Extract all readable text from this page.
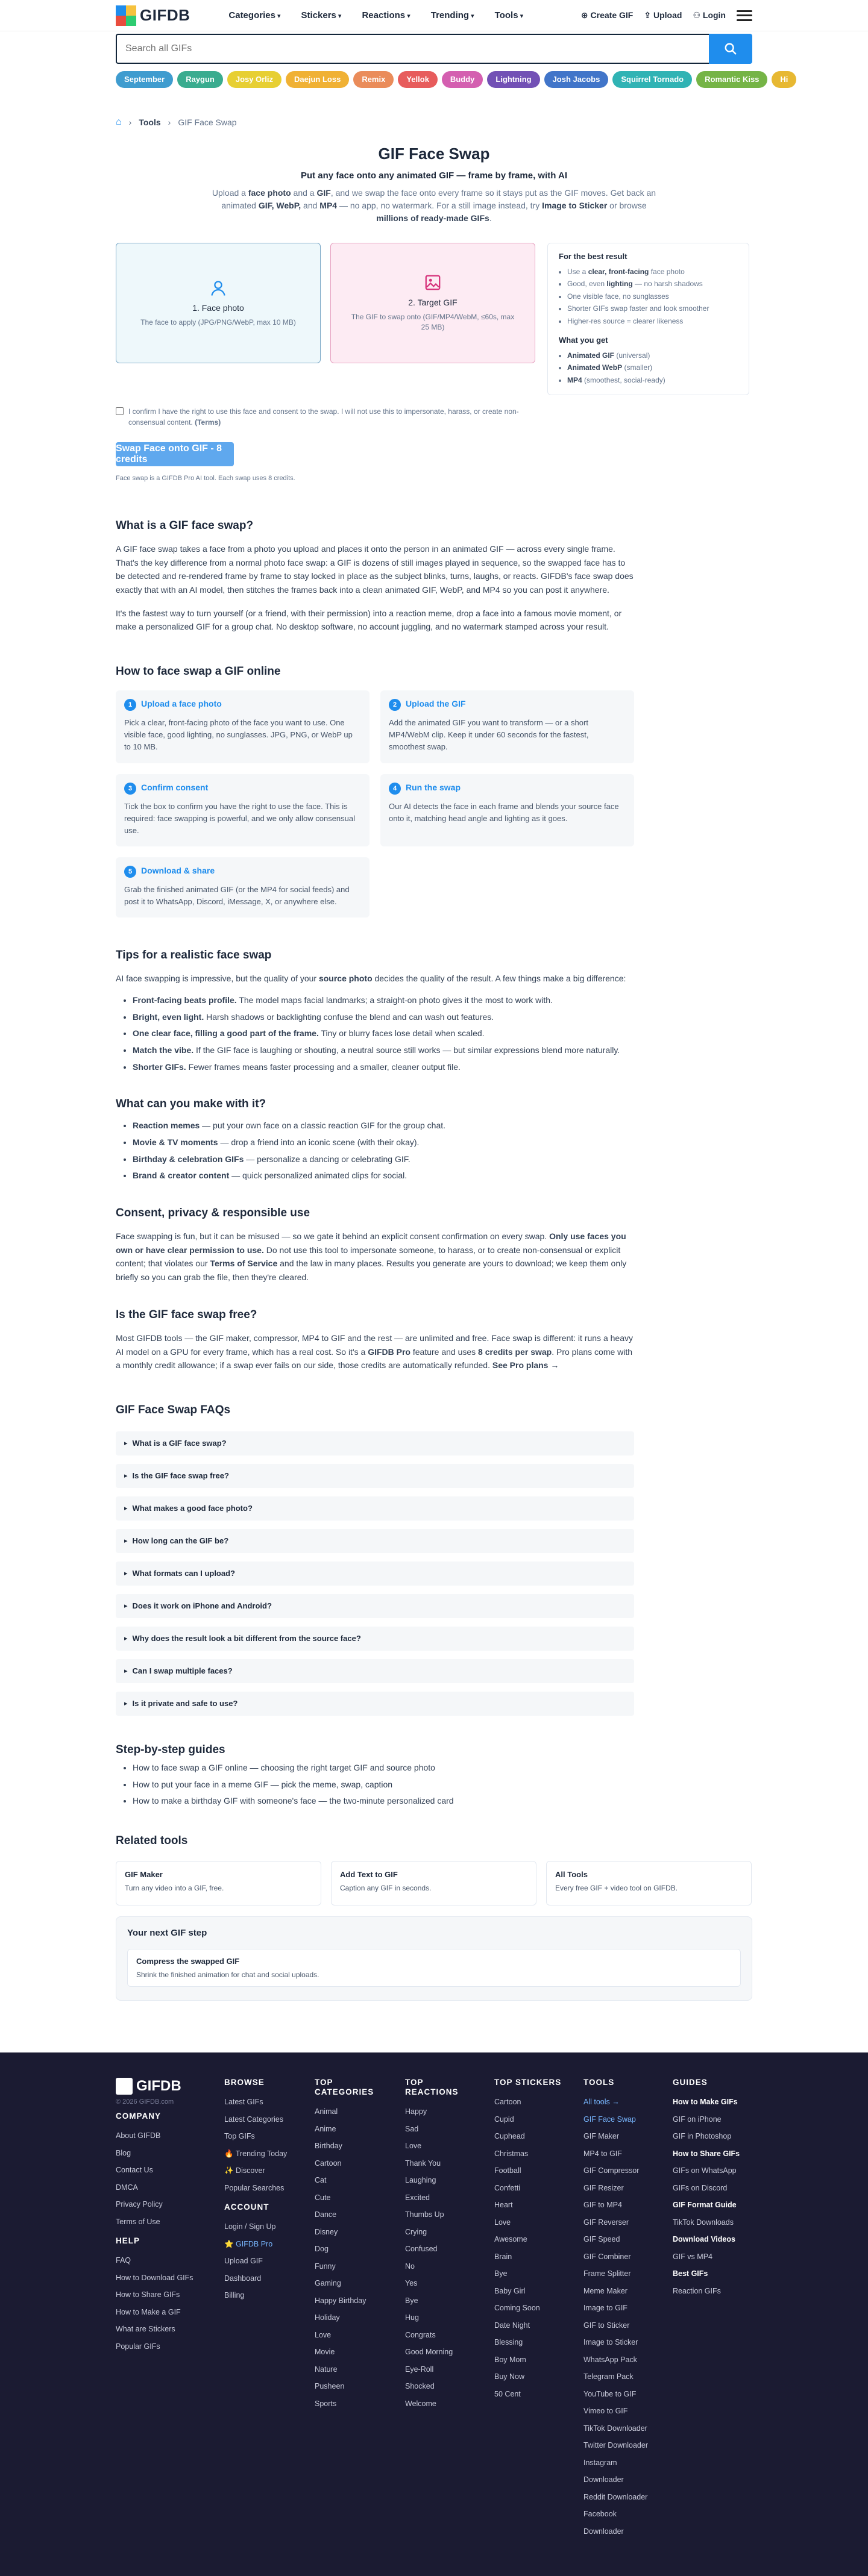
GIFDB	Categories ▾	Stickers ▾	Reactions ▾	Trending ▾	Tools ▾	⊕ Create GIF ⇪ Upload ⚇ Login
Search all GIFs
September	Raygun	Josy Orliz	Daejun Loss	Remix	Yellok	Buddy	Lightning	Josh Jacobs	Squirrel Tornado	Romantic Kiss	Hi
⌂ › Tools › GIF Face Swap
GIF Face Swap
Put any face onto any animated GIF — frame by frame, with AI

Upload a face photo and a GIF, and we swap the face onto every frame so it stays put as the GIF moves. Get back an animated GIF, WebP, and MP4 — no app, no watermark. For a still image instead, try Image to Sticker or browse millions of ready-made GIFs.

1. Face photo
The face to apply (JPG/PNG/WebP, max 10 MB)
2. Target GIF
The GIF to swap onto (GIF/MP4/WebM, ≤60s, max 25 MB)
For the best result
• Use a clear, front-facing face photo
• Good, even lighting — no harsh shadows
• One visible face, no sunglasses
• Shorter GIFs swap faster and look smoother
• Higher-res source = clearer likeness
What you get
• Animated GIF (universal)
• Animated WebP (smaller)
• MP4 (smoothest, social-ready)
I confirm I have the right to use this face and consent to the swap. I will not use this to impersonate, harass, or create non-consensual content. (Terms)
Swap Face onto GIF - 8 credits
Face swap is a GIFDB Pro AI tool. Each swap uses 8 credits.
What is a GIF face swap?

A GIF face swap takes a face from a photo you upload and places it onto the person in an animated GIF — across every single frame. That's the key difference from a normal photo face swap: a GIF is dozens of still images played in sequence, so the swapped face has to be detected and re-rendered frame by frame to stay locked in place as the subject blinks, turns, laughs, or reacts. GIFDB's face swap does exactly that with an AI model, then stitches the frames back into a clean animated GIF, WebP, and MP4 so you can post it anywhere.

It's the fastest way to turn yourself (or a friend, with their permission) into a reaction meme, drop a face into a famous movie moment, or make a personalized GIF for a group chat. No desktop software, no account juggling, and no watermark stamped across your result.

How to face swap a GIF online
1 Upload a face photo
Pick a clear, front-facing photo of the face you want to use. One visible face, good lighting, no sunglasses. JPG, PNG, or WebP up to 10 MB.
2 Upload the GIF
Add the animated GIF you want to transform — or a short MP4/WebM clip. Keep it under 60 seconds for the fastest, smoothest swap.
3 Confirm consent
Tick the box to confirm you have the right to use the face. This is required: face swapping is powerful, and we only allow consensual use.
4 Run the swap
Our AI detects the face in each frame and blends your source face onto it, matching head angle and lighting as it goes.
5 Download & share
Grab the finished animated GIF (or the MP4 for social feeds) and post it to WhatsApp, Discord, iMessage, X, or anywhere else.
Tips for a realistic face swap

AI face swapping is impressive, but the quality of your source photo decides the quality of the result. A few things make a big difference:

• Front-facing beats profile. The model maps facial landmarks; a straight-on photo gives it the most to work with.
• Bright, even light. Harsh shadows or backlighting confuse the blend and can wash out features.
• One clear face, filling a good part of the frame. Tiny or blurry faces lose detail when scaled.
• Match the vibe. If the GIF face is laughing or shouting, a neutral source still works — but similar expressions blend more naturally.
• Shorter GIFs. Fewer frames means faster processing and a smaller, cleaner output file.
What can you make with it?
• Reaction memes — put your own face on a classic reaction GIF for the group chat.
• Movie & TV moments — drop a friend into an iconic scene (with their okay).
• Birthday & celebration GIFs — personalize a dancing or celebrating GIF.
• Brand & creator content — quick personalized animated clips for social.
Consent, privacy & responsible use

Face swapping is fun, but it can be misused — so we gate it behind an explicit consent confirmation on every swap. Only use faces you own or have clear permission to use. Do not use this tool to impersonate someone, to harass, or to create non-consensual or explicit content; that violates our Terms of Service and the law in many places. Results you generate are yours to download; we keep them only briefly so you can grab the file, then they're cleared.

Is the GIF face swap free?

Most GIFDB tools — the GIF maker, compressor, MP4 to GIF and the rest — are unlimited and free. Face swap is different: it runs a heavy AI model on a GPU for every frame, which has a real cost. So it's a GIFDB Pro feature and uses 8 credits per swap. Pro plans come with a monthly credit allowance; if a swap ever fails on our side, those credits are automatically refunded. See Pro plans →

GIF Face Swap FAQs
▸ What is a GIF face swap?
▸ Is the GIF face swap free?
▸ What makes a good face photo?
▸ How long can the GIF be?
▸ What formats can I upload?
▸ Does it work on iPhone and Android?
▸ Why does the result look a bit different from the source face?
▸ Can I swap multiple faces?
▸ Is it private and safe to use?
Step-by-step guides
• How to face swap a GIF online — choosing the right target GIF and source photo
• How to put your face in a meme GIF — pick the meme, swap, caption
• How to make a birthday GIF with someone's face — the two-minute personalized card
Related tools
GIF Maker
Turn any video into a GIF, free.
Add Text to GIF
Caption any GIF in seconds.
All Tools
Every free GIF + video tool on GIFDB.
Your next GIF step
Compress the swapped GIF
Shrink the finished animation for chat and social uploads.
GIFDB
© 2026 GIFDB.com
COMPANY
About GIFDB
Blog
Contact Us
DMCA
Privacy Policy
Terms of Use
HELP
FAQ
How to Download GIFs
How to Share GIFs
How to Make a GIF
What are Stickers
Popular GIFs
BROWSE
Latest GIFs
Latest Categories
Top GIFs
🔥 Trending Today
✨ Discover
Popular Searches
ACCOUNT
Login / Sign Up
⭐ GIFDB Pro
Upload GIF
Dashboard
Billing
TOP CATEGORIES
Animal
Anime
Birthday
Cartoon
Cat
Cute
Dance
Disney
Dog
Funny
Gaming
Happy Birthday
Holiday
Love
Movie
Nature
Pusheen
Sports
TOP REACTIONS
Happy
Sad
Love
Thank You
Laughing
Excited
Thumbs Up
Crying
Confused
No
Yes
Bye
Hug
Congrats
Good Morning
Eye-Roll
Shocked
Welcome
TOP STICKERS
Cartoon
Cupid
Cuphead
Christmas
Football
Confetti
Heart
Love
Awesome
Brain
Bye
Baby Girl
Coming Soon
Date Night
Blessing
Boy Mom
Buy Now
50 Cent
TOOLS
All tools →
GIF Face Swap
GIF Maker
MP4 to GIF
GIF Compressor
GIF Resizer
GIF to MP4
GIF Reverser
GIF Speed
GIF Combiner
Frame Splitter
Meme Maker
Image to GIF
GIF to Sticker
Image to Sticker
WhatsApp Pack
Telegram Pack
YouTube to GIF
Vimeo to GIF
TikTok Downloader
Twitter Downloader
Instagram Downloader
Reddit Downloader
Facebook Downloader
GUIDES
How to Make GIFs
GIF on iPhone
GIF in Photoshop
How to Share GIFs
GIFs on WhatsApp
GIFs on Discord
GIF Format Guide
TikTok Downloads
Download Videos
GIF vs MP4
Best GIFs
Reaction GIFs
